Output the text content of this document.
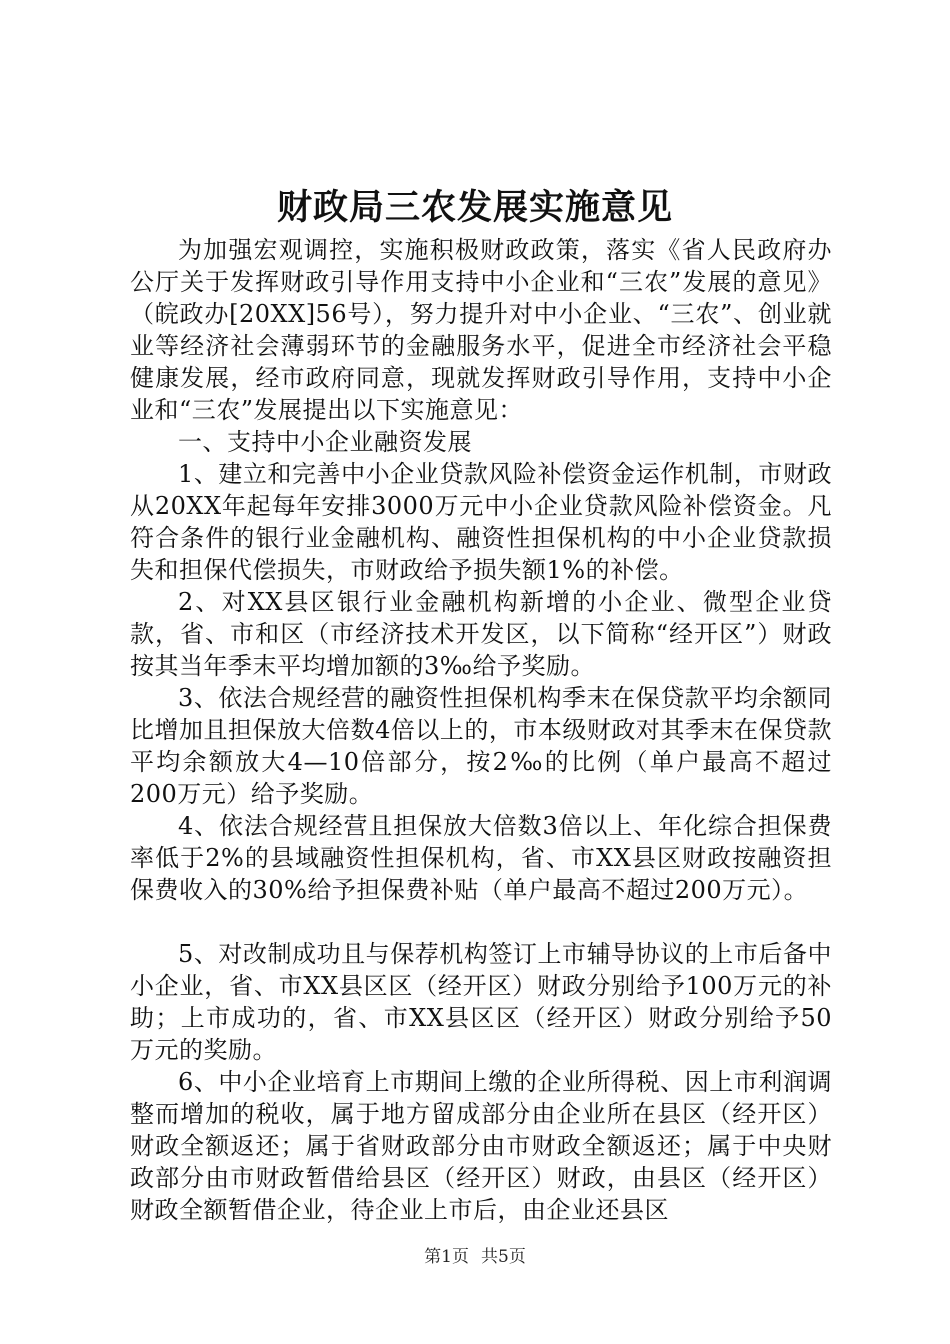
财政局三农发展实施意见

为加强宏观调控，实施积极财政政策，落实《省人民政府办公厅关于发挥财政引导作用支持中小企业和“三农”发展的意见》（皖政办[20XX]56号），努力提升对中小企业、“三农”、创业就业等经济社会薄弱环节的金融服务水平，促进全市经济社会平稳健康发展，经市政府同意，现就发挥财政引导作用，支持中小企业和“三农”发展提出以下实施意见：

一、支持中小企业融资发展

1、建立和完善中小企业贷款风险补偿资金运作机制，市财政从20XX年起每年安排3000万元中小企业贷款风险补偿资金。凡符合条件的银行业金融机构、融资性担保机构的中小企业贷款损失和担保代偿损失，市财政给予损失额1%的补偿。

2、对XX县区银行业金融机构新增的小企业、微型企业贷款，省、市和区（市经济技术开发区，以下简称“经开区”）财政按其当年季末平均增加额的3‰给予奖励。

3、依法合规经营的融资性担保机构季末在保贷款平均余额同比增加且担保放大倍数4倍以上的，市本级财政对其季末在保贷款平均余额放大4—10倍部分，按2‰的比例（单户最高不超过200万元）给予奖励。

4、依法合规经营且担保放大倍数3倍以上、年化综合担保费率低于2%的县域融资性担保机构，省、市XX县区财政按融资担保费收入的30%给予担保费补贴（单户最高不超过200万元）。

5、对改制成功且与保荐机构签订上市辅导协议的上市后备中小企业，省、市XX县区区（经开区）财政分别给予100万元的补助；上市成功的，省、市XX县区区（经开区）财政分别给予50万元的奖励。

6、中小企业培育上市期间上缴的企业所得税、因上市利润调整而增加的税收，属于地方留成部分由企业所在县区（经开区）财政全额返还；属于省财政部分由市财政全额返还；属于中央财政部分由市财政暂借给县区（经开区）财政，由县区（经开区）财政全额暂借企业，待企业上市后，由企业还县区

第1页 共5页
